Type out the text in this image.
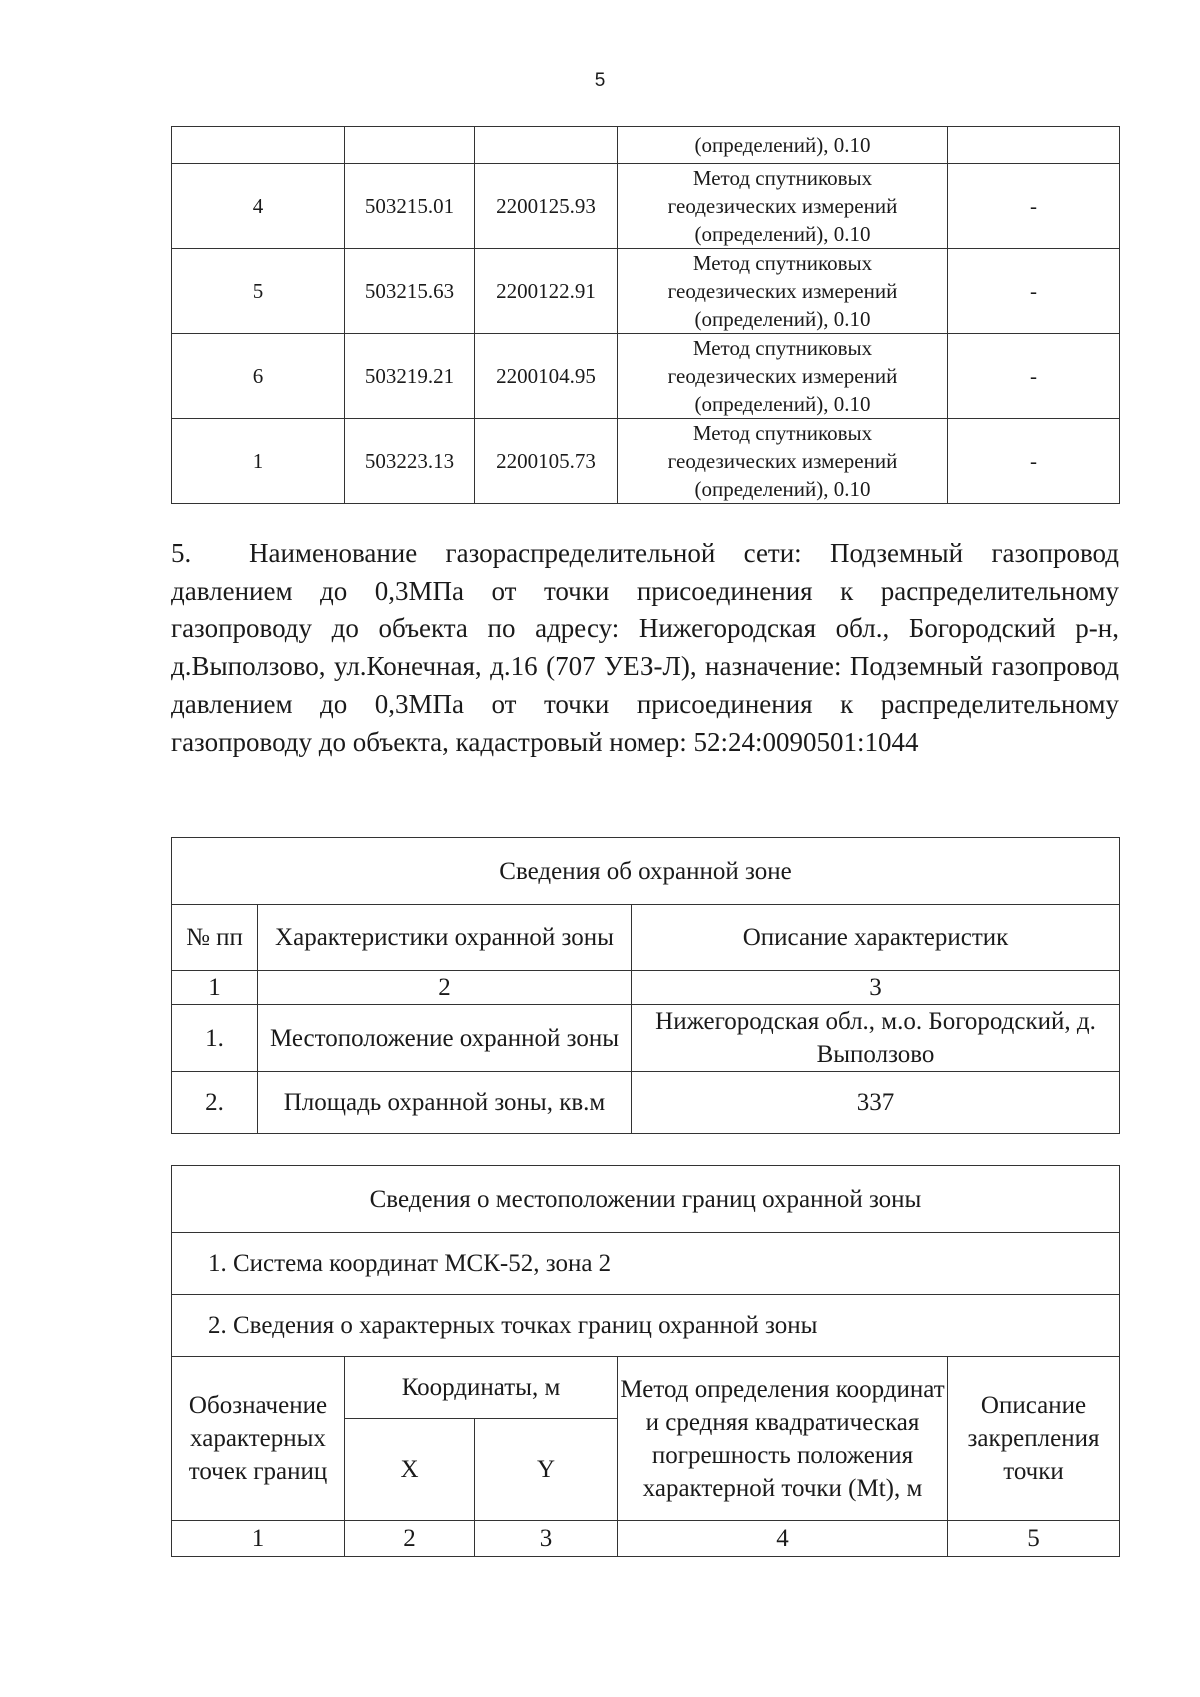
5
			(определений), 0.10	
4	503215.01	2200125.93	Метод спутниковых
геодезических измерений
(определений), 0.10	-
5	503215.63	2200122.91	Метод спутниковых
геодезических измерений
(определений), 0.10	-
6	503219.21	2200104.95	Метод спутниковых
геодезических измерений
(определений), 0.10	-
1	503223.13	2200105.73	Метод спутниковых
геодезических измерений
(определений), 0.10	-
5. Наименование газораспределительной сети: Подземный газопровод давлением до 0,3МПа от точки присоединения к распределительному газопроводу до объекта по адресу: Нижегородская обл., Богородский р-н, д.Выползово, ул.Конечная, д.16 (707 УЕЗ-Л), назначение: Подземный газопровод давлением до 0,3МПа от точки присоединения к распределительному газопроводу до объекта, кадастровый номер: 52:24:0090501:1044
Сведения об охранной зоне		
№ пп	Характеристики охранной зоны	Описание характеристик
1	2	3
1.	Местоположение охранной зоны	Нижегородская обл., м.о. Богородский, д. Выползово
2.	Площадь охранной зоны, кв.м	337
Сведения о местоположении границ охранной зоны				
1. Система координат МСК-52, зона 2				
2. Сведения о характерных точках границ охранной зоны				
Обозначение характерных точек границ	Координаты, м		Метод определения координат и средняя квадратическая погрешность положения характерной точки (Mt), м	Описание закрепления точки
	X	Y		
1	2	3	4	5
